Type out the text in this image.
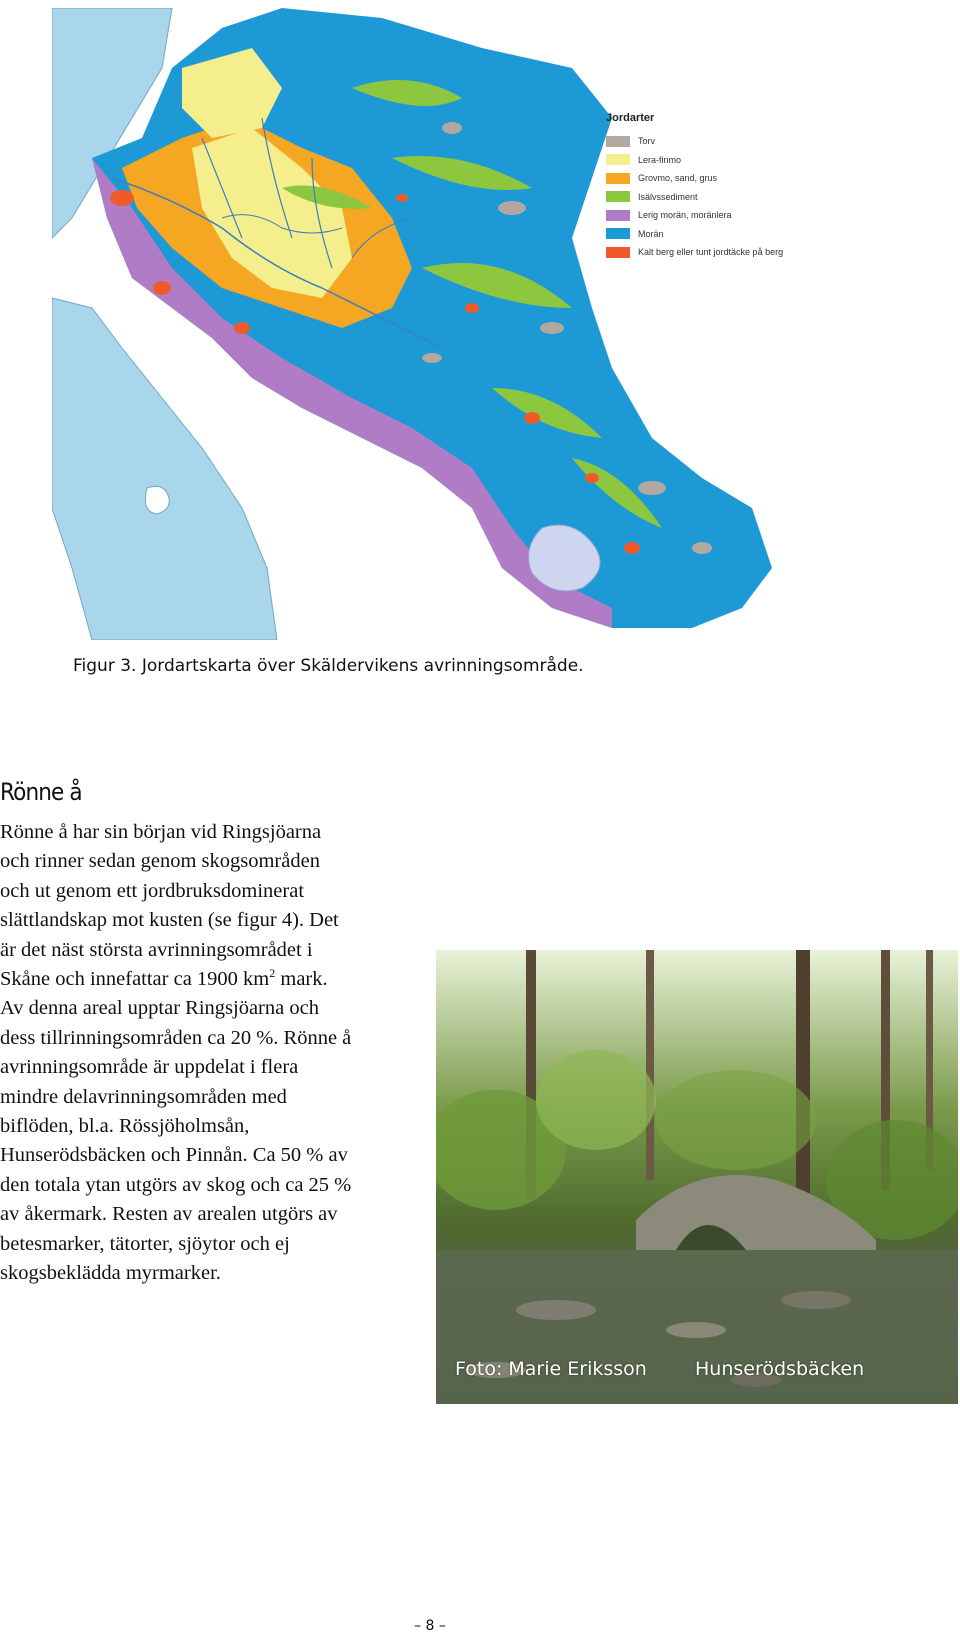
Jordarter
Torv
Lera-finmo
Grovmo, sand, grus
Isälvssediment
Lerig morän, moränlera
Morän
Kalt berg eller tunt jordtäcke på berg
Figur 3. Jordartskarta över Skäldervikens avrinningsområde.
Rönne å
Foto: Marie Eriksson	Hunserödsbäcken

Rönne å har sin början vid Ringsjöarna och rinner sedan genom skogsområden och ut genom ett jordbruksdominerat slättlandskap mot kusten (se figur 4). Det är det näst största avrinningsområdet i Skåne och innefattar ca 1900 $km^2$ mark. Av denna areal upptar Ringsjöarna och dess tillrinningsområden ca 20 %. Rönne å avrinningsområde är uppdelat i flera mindre delavrinningsområden med biflöden, bl.a. Rössjöholmsån, Hunserödsbäcken och Pinnån. Ca 50 % av den totala ytan utgörs av skog och ca 25 % av åkermark. Resten av arealen utgörs av betesmarker, tätorter, sjöytor och ej skogsbeklädda myrmarker.

– 8 –
